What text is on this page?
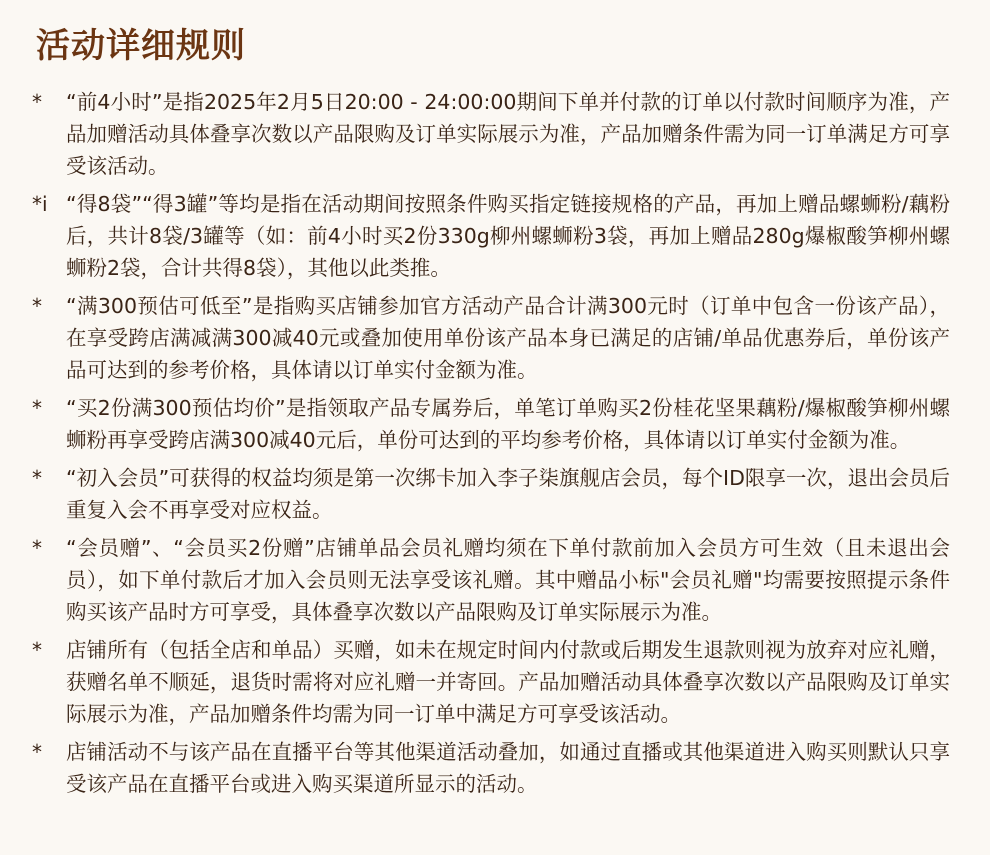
活动详细规则
*	“前4小时”是指2025年2月5日20:00 - 24:00:00期间下单并付款的订单以付款时间顺序为准，产品加赠活动具体叠享次数以产品限购及订单实际展示为准，产品加赠条件需为同一订单满足方可享受该活动。
*i “得8袋”“得3罐”等均是指在活动期间按照条件购买指定链接规格的产品，再加上赠品螺蛳粉/藕粉后，共计8袋/3罐等（如：前4小时买2份330g柳州螺蛳粉3袋，再加上赠品280g爆椒酸笋柳州螺蛳粉2袋，合计共得8袋），其他以此类推。
*	“满300预估可低至”是指购买店铺参加官方活动产品合计满300元时（订单中包含一份该产品），在享受跨店满减满300减40元或叠加使用单份该产品本身已满足的店铺/单品优惠券后，单份该产品可达到的参考价格，具体请以订单实付金额为准。
*	“买2份满300预估均价”是指领取产品专属券后，单笔订单购买2份桂花坚果藕粉/爆椒酸笋柳州螺蛳粉再享受跨店满300减40元后，单份可达到的平均参考价格，具体请以订单实付金额为准。
*	“初入会员”可获得的权益均须是第一次绑卡加入李子柒旗舰店会员，每个ID限享一次，退出会员后重复入会不再享受对应权益。
*	“会员赠”、“会员买2份赠”店铺单品会员礼赠均须在下单付款前加入会员方可生效（且未退出会员），如下单付款后才加入会员则无法享受该礼赠。其中赠品小标"会员礼赠"均需要按照提示条件购买该产品时方可享受，具体叠享次数以产品限购及订单实际展示为准。
*	店铺所有（包括全店和单品）买赠，如未在规定时间内付款或后期发生退款则视为放弃对应礼赠，获赠名单不顺延，退货时需将对应礼赠一并寄回。产品加赠活动具体叠享次数以产品限购及订单实际展示为准，产品加赠条件均需为同一订单中满足方可享受该活动。
*	店铺活动不与该产品在直播平台等其他渠道活动叠加，如通过直播或其他渠道进入购买则默认只享受该产品在直播平台或进入购买渠道所显示的活动。
